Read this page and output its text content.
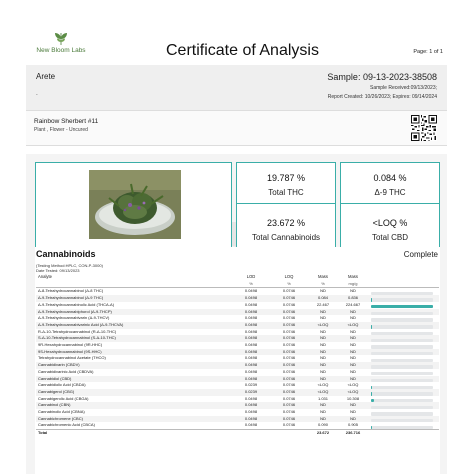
New Bloom Labs	Certificate of Analysis	Page: 1 of 1
Arete
-
Sample: 09-13-2023-38508
Sample Received:09/13/2023;
Report Created: 10/26/2023; Expires: 09/14/2024
Rainbow Sherbert #11
Plant , Flower - Uncured
19.787 %
Total THC
0.084 %
Δ-9 THC
23.672 %
Total Cannabinoids
<LOQ %
Total CBD
Cannabinoids	Complete
(Testing Method:HPLC, CON-P-3000)
Date Tested: 09/13/2023
Analyte	LOD	LOQ	Mass	Mass	
	%	%	%	mg/g	
Δ-8-Tetrahydrocannabinol (Δ-8 THC)	0.0498	0.0746	ND	ND	

Δ-9-Tetrahydrocannabinol (Δ-9 THC)	0.0498	0.0746	0.084	0.836	

Δ-9-Tetrahydrocannabinolic Acid (THCA-A)	0.0498	0.0746	22.467	224.667	

Δ-9-Tetrahydrocannabiphorol (Δ-9-THCP)	0.0498	0.0746	ND	ND	

Δ-9-Tetrahydrocannabivarin (Δ-9-THCV)	0.0498	0.0746	ND	ND	

Δ-9-Tetrahydrocannabivarinic Acid (Δ-9-THCVA)	0.0498	0.0746	<LOQ	<LOQ	

R-Δ-10-Tetrahydrocannabinol (R-Δ-10-THC)	0.0498	0.0746	ND	ND	

S-Δ-10-Tetrahydrocannabinol (S-Δ-10-THC)	0.0498	0.0746	ND	ND	

9R-Hexahydrocannabinol (9R-HHC)	0.0498	0.0746	ND	ND	

9S-Hexahydrocannabinol (9S-HHC)	0.0498	0.0746	ND	ND	

Tetrahydrocannabinol Acetate (THCO)	0.0498	0.0746	ND	ND	

Cannabidivarin (CBDV)	0.0498	0.0746	ND	ND	

Cannabidivarinic Acid (CBDVA)	0.0498	0.0746	ND	ND	

Cannabidiol (CBD)	0.0498	0.0746	ND	ND	

Cannabidiolic Acid (CBDA)	0.0239	0.0746	<LOQ	<LOQ	

Cannabigerol (CBG)	0.0239	0.0746	<LOQ	<LOQ	

Cannabigerolic Acid (CBGA)	0.0498	0.0746	1.031	10.308	

Cannabinol (CBN)	0.0498	0.0746	ND	ND	

Cannabinolic Acid (CBNA)	0.0498	0.0746	ND	ND	

Cannabichromene (CBC)	0.0498	0.0746	ND	ND	

Cannabichromenic Acid (CBCA)	0.0498	0.0746	0.090	0.905	

Total			23.672	236.716	
